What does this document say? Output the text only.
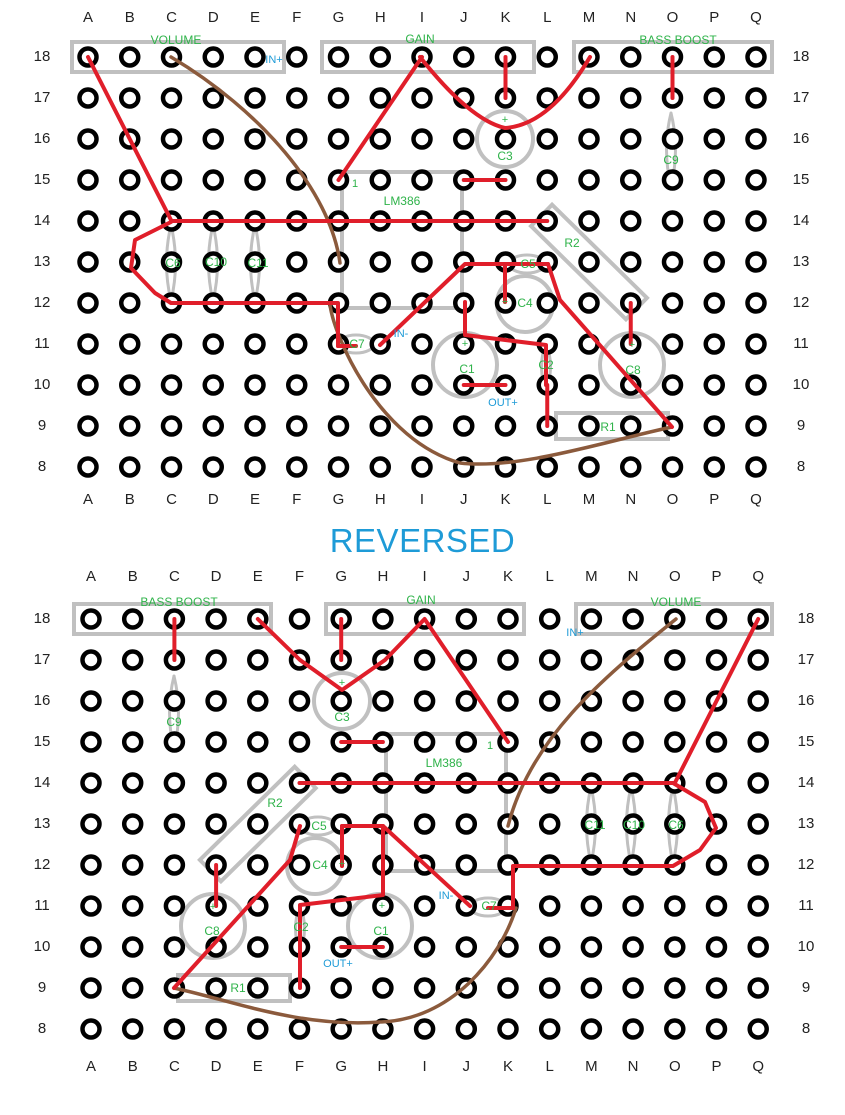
A
A
B
B
C
C
D
D
E
E
F
F
G
G
H
H
I
I
J
J
K
K
L
L
M
M
N
N
O
O
P
P
Q
Q
18	18
17	17
16	16
15	15
14	14
13	13
12	12
11	11
10	10
9	9
8	8
A
A
B
B
C
C
D
D
E
E
F
F
G
G
H
H
I
I
J
J
K
K
L
L
M
M
N
N
O
O
P
P
Q
Q
18	18
17	17
16	16
15	15
14	14
13	13
12	12
11	11
10	10
9	9
8	8
VOLUME	GAIN	BASS BOOST
LM386
1
C3	C9
R2
C6 C10 C11	C5
C4
C7
C1	C2	C8
R1
IN+
IN-
OUT+
+
+
+	+
BASS BOOST	GAIN	VOLUME
LM386
1
C9	C3
R2
C5
C4
C8	C2	C1
R1
C7
C11 C10 C6
IN+
IN-
OUT+
+
+
+
+
REVERSED
